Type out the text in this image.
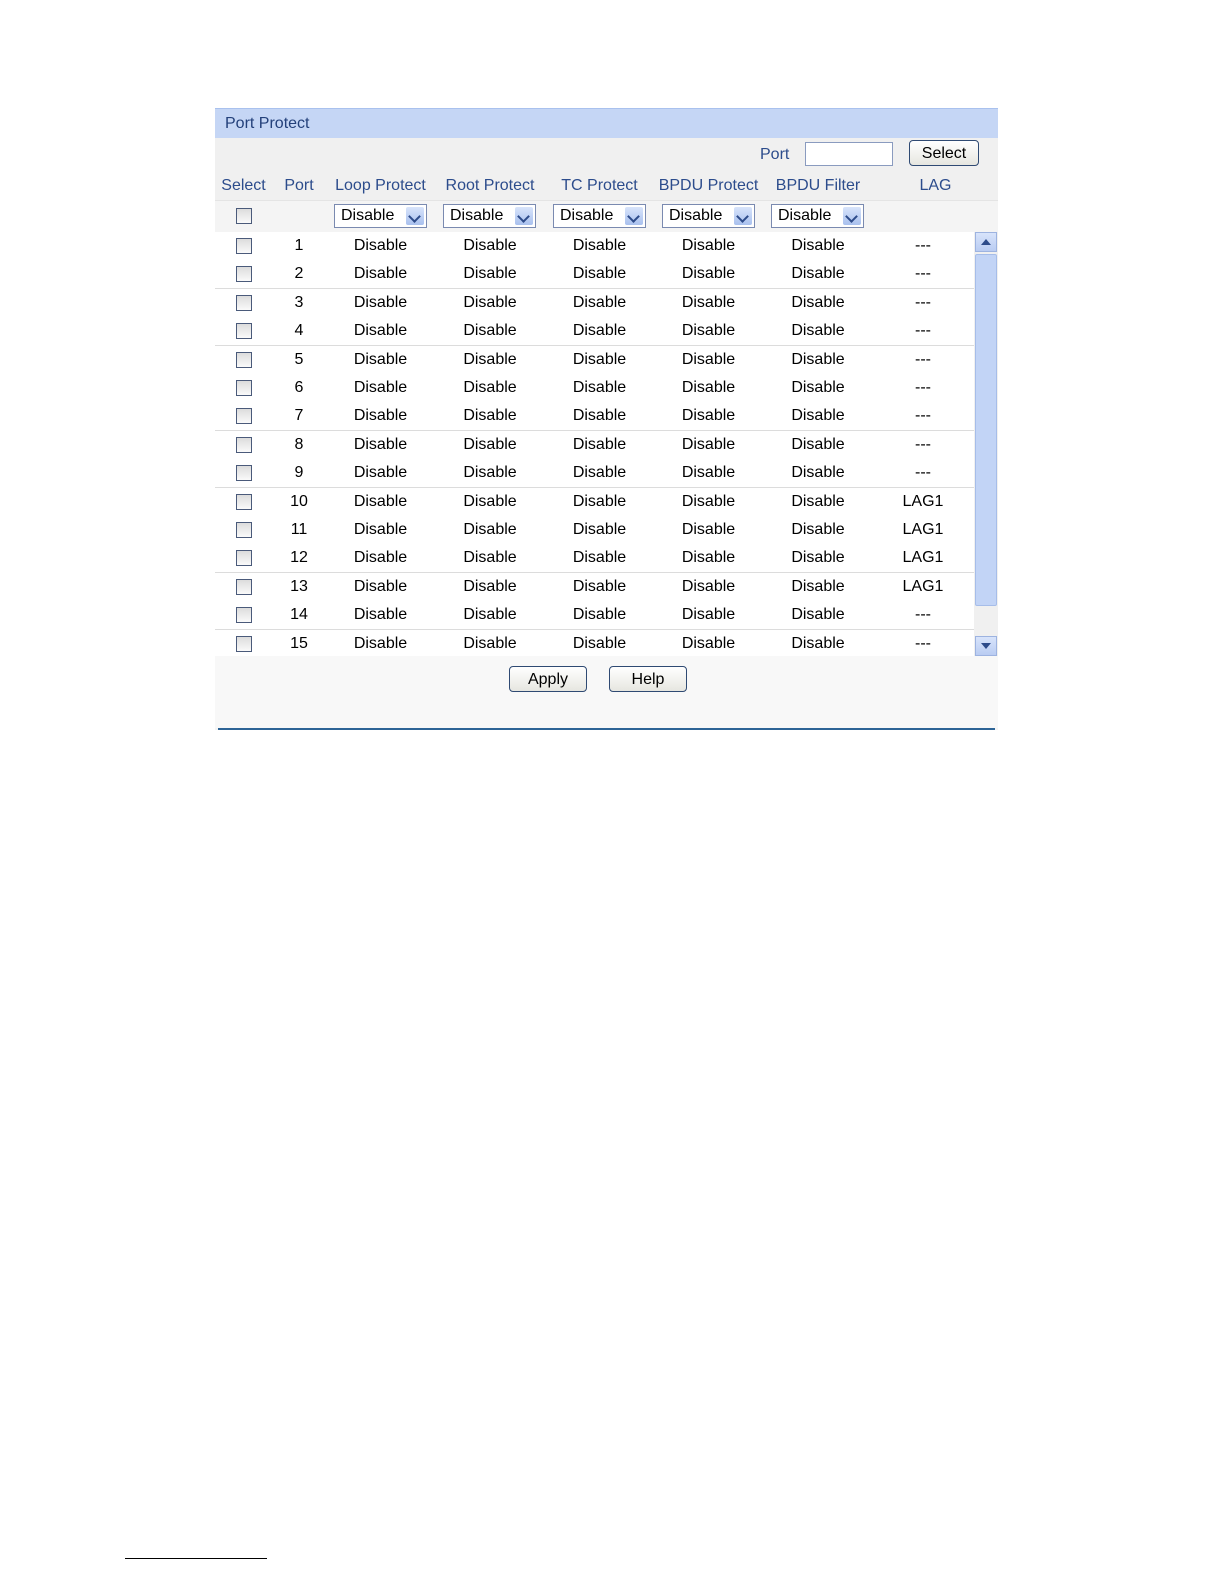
Port Protect
Port	Select
Select	Port	Loop Protect	Root Protect	TC Protect	BPDU Protect	BPDU Filter	LAG
Disable	Disable	Disable	Disable	Disable
1	Disable	Disable	Disable	Disable	Disable	---
2	Disable	Disable	Disable	Disable	Disable	---
3	Disable	Disable	Disable	Disable	Disable	---
4	Disable	Disable	Disable	Disable	Disable	---
5	Disable	Disable	Disable	Disable	Disable	---
6	Disable	Disable	Disable	Disable	Disable	---
7	Disable	Disable	Disable	Disable	Disable	---
8	Disable	Disable	Disable	Disable	Disable	---
9	Disable	Disable	Disable	Disable	Disable	---
10	Disable	Disable	Disable	Disable	Disable	LAG1
11	Disable	Disable	Disable	Disable	Disable	LAG1
12	Disable	Disable	Disable	Disable	Disable	LAG1
13	Disable	Disable	Disable	Disable	Disable	LAG1
14	Disable	Disable	Disable	Disable	Disable	---
15	Disable	Disable	Disable	Disable	Disable	---
Apply	Help
